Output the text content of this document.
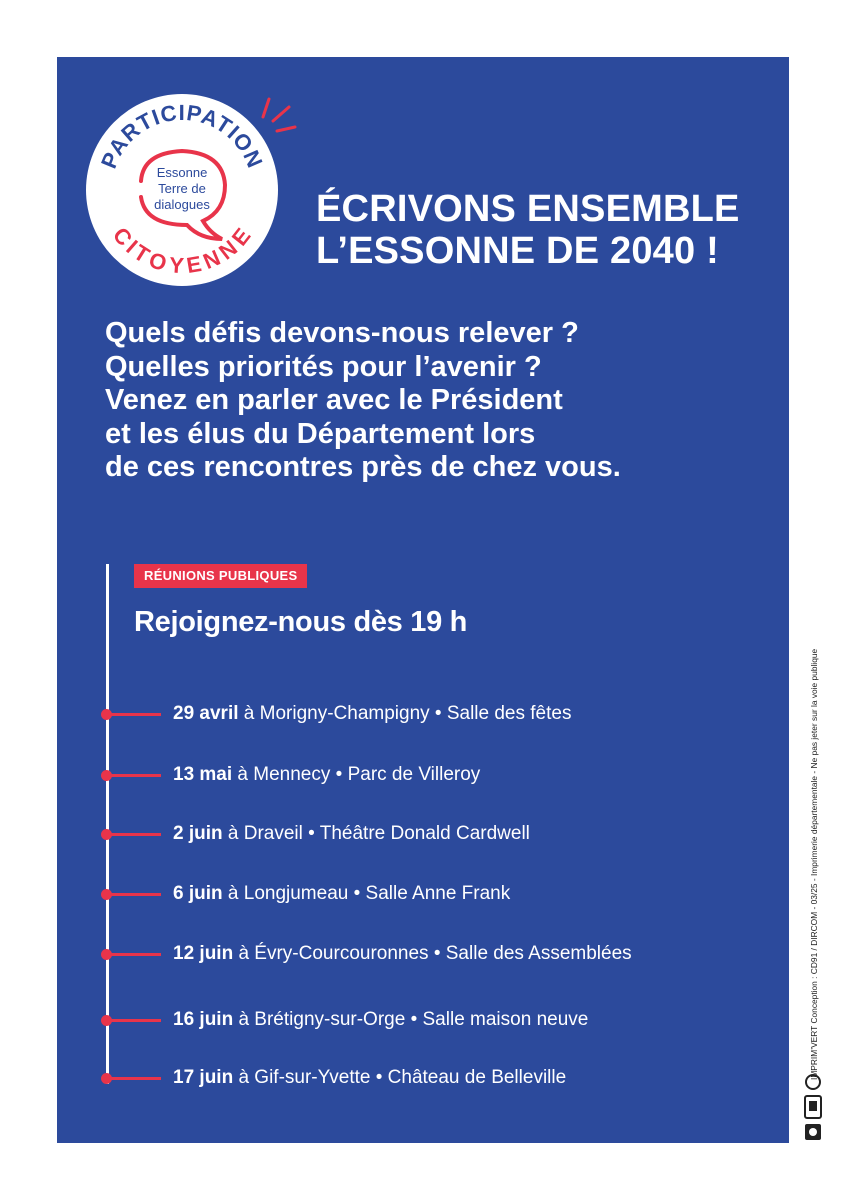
PARTICIPATION
CITOYENNE
Essonne
Terre de
dialogues	ÉCRIVONS ENSEMBLE
L’ESSONNE DE 2040 !
Quels défis devons-nous relever ?
Quelles priorités pour l’avenir ?
Venez en parler avec le Président
et les élus du Département lors
de ces rencontres près de chez vous.
RÉUNIONS PUBLIQUES
Rejoignez-nous dès 19 h
29 avril à Morigny-Champigny • Salle des fêtes
13 mai à Mennecy • Parc de Villeroy
2 juin à Draveil • Théâtre Donald Cardwell
6 juin à Longjumeau • Salle Anne Frank
12 juin à Évry-Courcouronnes • Salle des Assemblées
16 juin à Brétigny-sur-Orge • Salle maison neuve
17 juin à Gif-sur-Yvette • Château de Belleville	IMPRIM’VERT Conception : CD91 / DIRCOM - 03/25 - Imprimerie départementale - Ne pas jeter sur la voie publique
